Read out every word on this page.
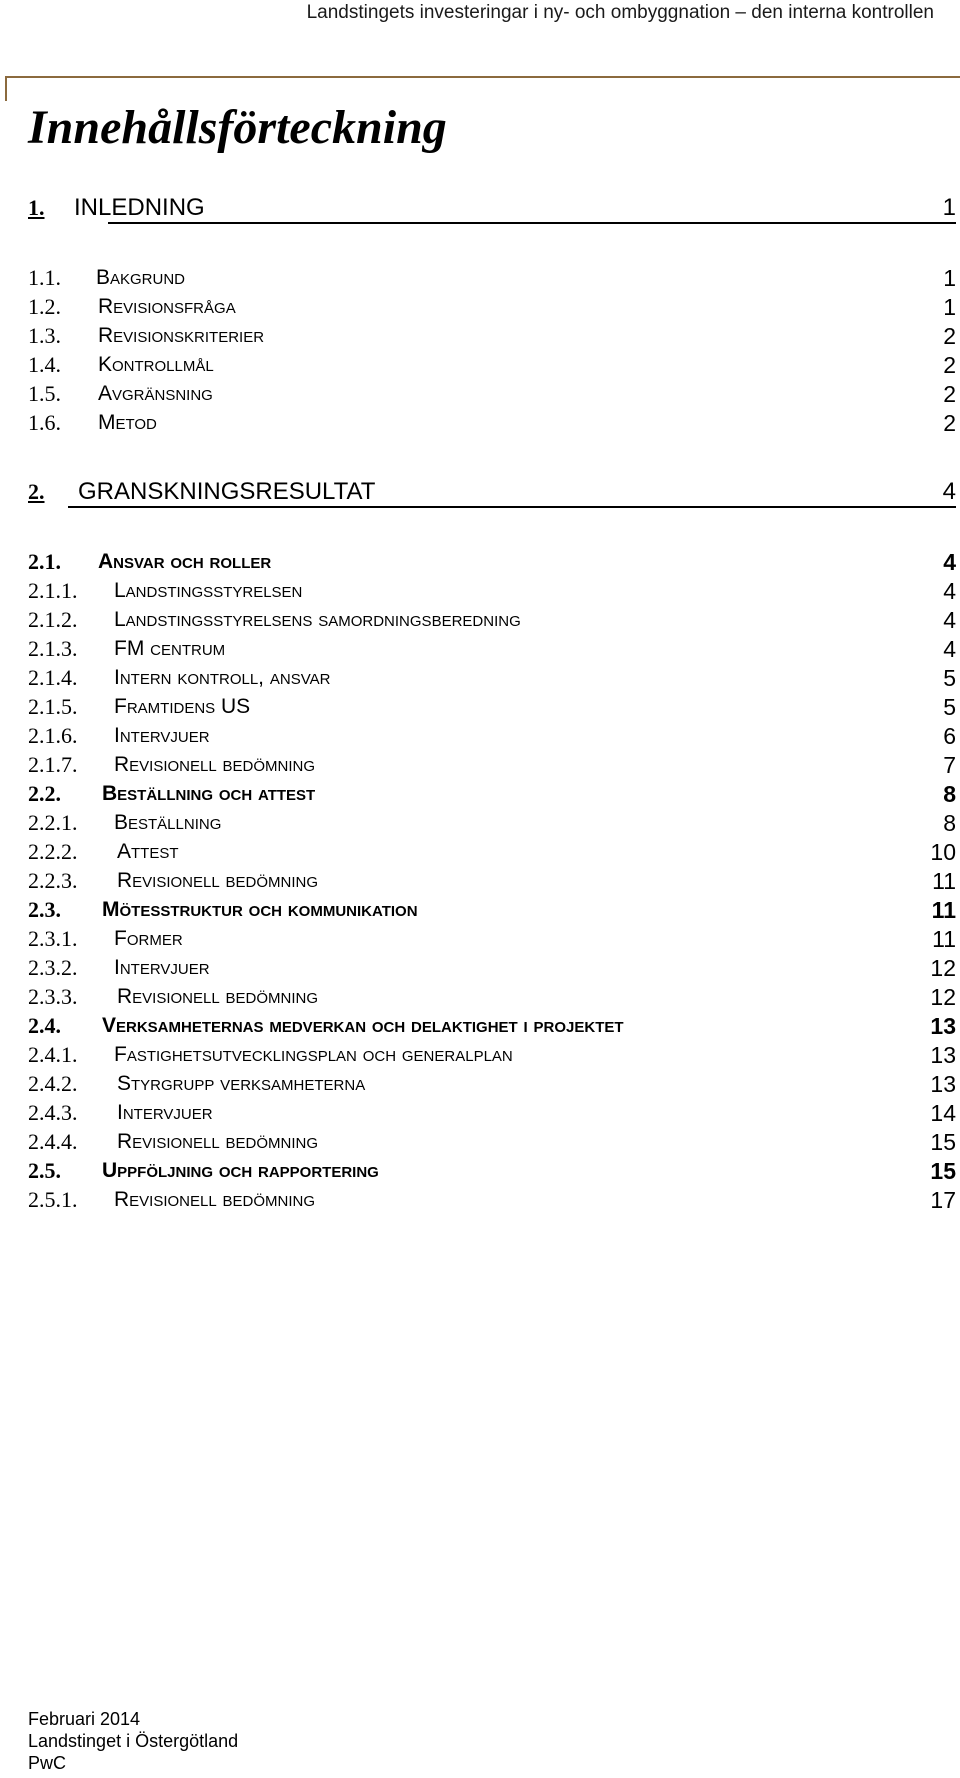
Landstingets investeringar i ny- och ombyggnation – den interna kontrollen
Innehållsförteckning
1. INLEDNING	1
1.1. Bakgrund	1
1.2. Revisionsfråga	1
1.3. Revisionskriterier	2
1.4. Kontrollmål	2
1.5. Avgränsning	2
1.6. Metod	2
2. GRANSKNINGSRESULTAT	4
2.1. Ansvar och roller	4
2.1.1. Landstingsstyrelsen	4
2.1.2. Landstingsstyrelsens samordningsberedning	4
2.1.3. FM centrum	4
2.1.4. Intern kontroll, ansvar	5
2.1.5. Framtidens US	5
2.1.6. Intervjuer	6
2.1.7. Revisionell bedömning	7
2.2. Beställning och attest	8
2.2.1. Beställning	8
2.2.2. Attest	10
2.2.3. Revisionell bedömning	11
2.3. Mötesstruktur och kommunikation	11
2.3.1. Former	11
2.3.2. Intervjuer	12
2.3.3. Revisionell bedömning	12
2.4. Verksamheternas medverkan och delaktighet i projektet	13
2.4.1. Fastighetsutvecklingsplan och generalplan	13
2.4.2. Styrgrupp verksamheterna	13
2.4.3. Intervjuer	14
2.4.4. Revisionell bedömning	15
2.5. Uppföljning och rapportering	15
2.5.1. Revisionell bedömning	17
Februari 2014
Landstinget i Östergötland
PwC
